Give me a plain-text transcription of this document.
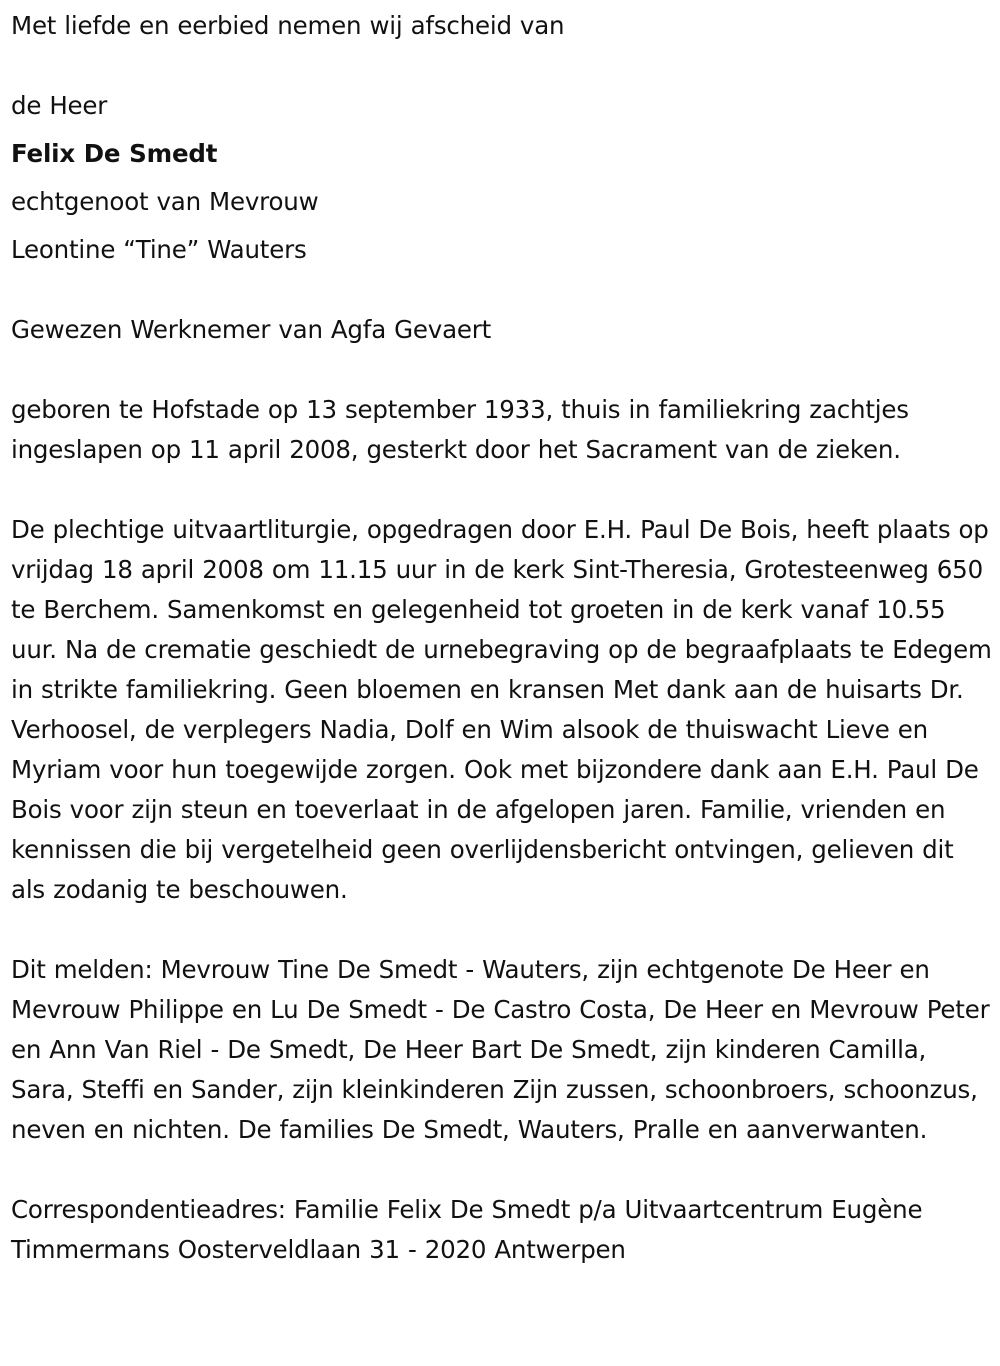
Met liefde en eerbied nemen wij afscheid van

de Heer

Felix De Smedt

echtgenoot van Mevrouw

Leontine “Tine” Wauters

Gewezen Werknemer van Agfa Gevaert

geboren te Hofstade op 13 september 1933, thuis in familiekring zachtjes ingeslapen op 11 april 2008, gesterkt door het Sacrament van de zieken.

De plechtige uitvaartliturgie, opgedragen door E.H. Paul De Bois, heeft plaats op vrijdag 18 april 2008 om 11.15 uur in de kerk Sint-Theresia, Grotesteenweg 650 te Berchem. Samenkomst en gelegenheid tot groeten in de kerk vanaf 10.55 uur. Na de crematie geschiedt de urnebegraving op de begraafplaats te Edegem in strikte familiekring. Geen bloemen en kransen Met dank aan de huisarts Dr. Verhoosel, de verplegers Nadia, Dolf en Wim alsook de thuiswacht Lieve en Myriam voor hun toegewijde zorgen. Ook met bijzondere dank aan E.H. Paul De Bois voor zijn steun en toeverlaat in de afgelopen jaren. Familie, vrienden en kennissen die bij vergetelheid geen overlijdensbericht ontvingen, gelieven dit als zodanig te beschouwen.

Dit melden: Mevrouw Tine De Smedt - Wauters, zijn echtgenote De Heer en Mevrouw Philippe en Lu De Smedt - De Castro Costa, De Heer en Mevrouw Peter en Ann Van Riel - De Smedt, De Heer Bart De Smedt, zijn kinderen Camilla, Sara, Steffi en Sander, zijn kleinkinderen Zijn zussen, schoonbroers, schoonzus, neven en nichten. De families De Smedt, Wauters, Pralle en aanverwanten.

Correspondentieadres: Familie Felix De Smedt p/a Uitvaartcentrum Eugène Timmermans Oosterveldlaan 31 - 2020 Antwerpen
